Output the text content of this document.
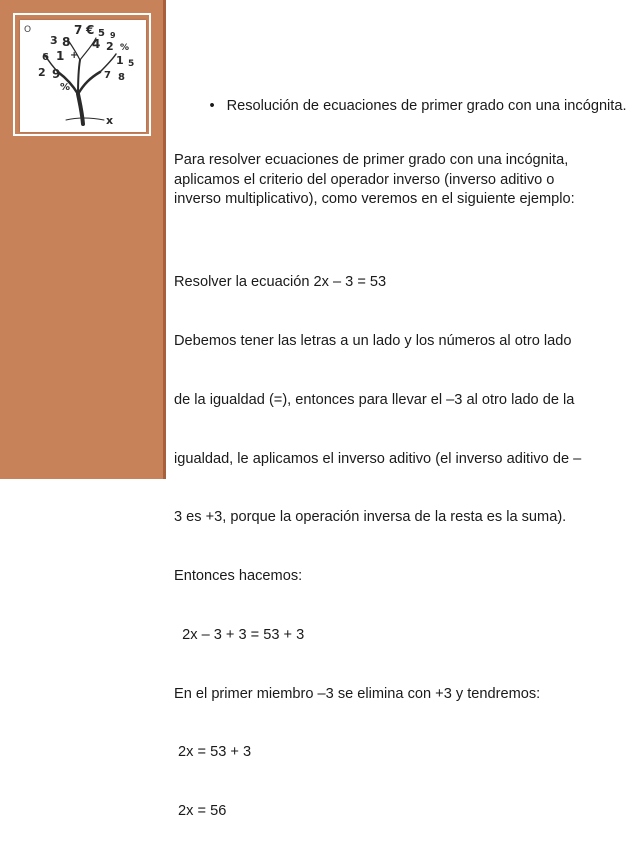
O	7 € 5 9
3 8 4 2 %
6 1 +	1 5
2 9	7 8
%
x
• Resolución de ecuaciones de primer grado con una incógnita.
Para resolver ecuaciones de primer grado con una incógnita,
aplicamos el criterio del operador inverso (inverso aditivo o
inverso multiplicativo), como veremos en el siguiente ejemplo:

Resolver la ecuación 2x – 3 = 53

Debemos tener las letras a un lado y los números al otro lado

de la igualdad (=), entonces para llevar el –3 al otro lado de la

igualdad, le aplicamos el inverso aditivo (el inverso aditivo de –

3 es +3, porque la operación inversa de la resta es la suma).

Entonces hacemos:

2x – 3 + 3 = 53 + 3

En el primer miembro –3 se elimina con +3 y tendremos:

2x = 53 + 3

2x = 56
